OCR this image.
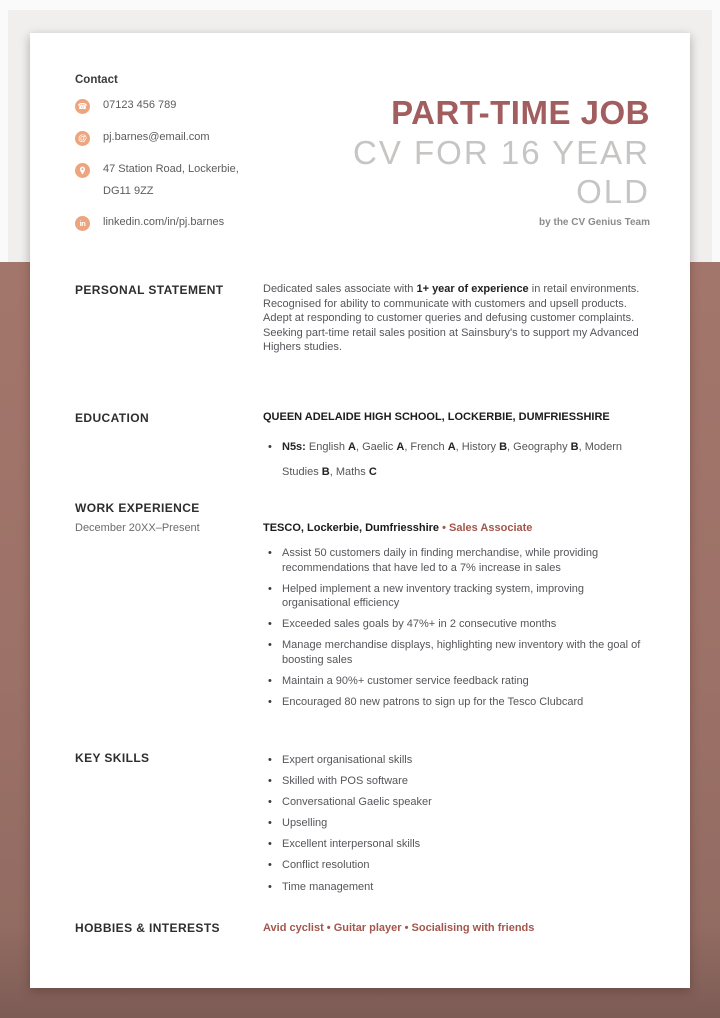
Contact
☎ 07123 456 789
@ pj.barnes@email.com
47 Station Road, Lockerbie,
DG11 9ZZ
in linkedin.com/in/pj.barnes
PART-TIME JOB
CV FOR 16 YEAR
OLD
by the CV Genius Team
PERSONAL STATEMENT	Dedicated sales associate with 1+ year of experience in retail environments. Recognised for ability to communicate with customers and upsell products. Adept at responding to customer queries and defusing customer complaints. Seeking part-time retail sales position at Sainsbury's to support my Advanced Highers studies.

EDUCATION	QUEEN ADELAIDE HIGH SCHOOL, LOCKERBIE, DUMFRIESSHIRE
• N5s: English A, Gaelic A, French A, History B, Geography B, Modern Studies B, Maths C
WORK EXPERIENCE
December 20XX–Present	TESCO, Lockerbie, Dumfriesshire • Sales Associate
• Assist 50 customers daily in finding merchandise, while providing recommendations that have led to a 7% increase in sales
• Helped implement a new inventory tracking system, improving organisational efficiency
• Exceeded sales goals by 47%+ in 2 consecutive months
• Manage merchandise displays, highlighting new inventory with the goal of boosting sales
• Maintain a 90%+ customer service feedback rating
• Encouraged 80 new patrons to sign up for the Tesco Clubcard
KEY SKILLS	• Expert organisational skills
• Skilled with POS software
• Conversational Gaelic speaker
• Upselling
• Excellent interpersonal skills
• Conflict resolution
• Time management
HOBBIES & INTERESTS	Avid cyclist • Guitar player • Socialising with friends
